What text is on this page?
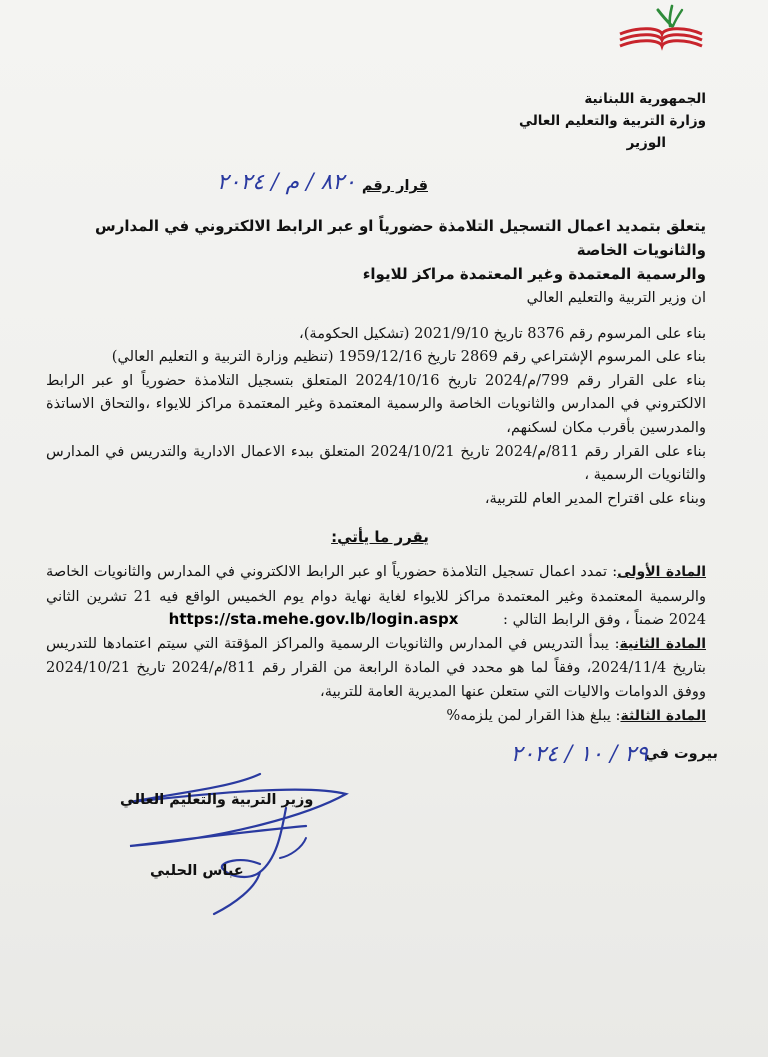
الجمهورية اللبنانية
وزارة التربية والتعليم العالي
الوزير
قرار رقم
٨٢٠ / م / ٢٠٢٤
يتعلق بتمديد اعمال التسجيل التلامذة حضورياً او عبر الرابط الالكتروني في المدارس والثانويات الخاصة
والرسمية المعتمدة وغير المعتمدة مراكز للايواء

ان وزير التربية والتعليم العالي

بناء على المرسوم رقم 8376 تاريخ 2021/9/10 (تشكيل الحكومة)،

بناء على المرسوم الإشتراعي رقم 2869 تاريخ 1959/12/16 (تنظيم وزارة التربية و التعليم العالي)

بناء على القرار رقم 799/م/2024 تاريخ 2024/10/16 المتعلق بتسجيل التلامذة حضورياً او عبر الرابط الالكتروني في المدارس والثانويات الخاصة والرسمية المعتمدة وغير المعتمدة مراكز للايواء ،والتحاق الاساتذة والمدرسين بأقرب مكان لسكنهم،

بناء على القرار رقم 811/م/2024 تاريخ 2024/10/21 المتعلق ببدء الاعمال الادارية والتدريس في المدارس والثانويات الرسمية ،

وبناء على اقتراح المدير العام للتربية،

يقرر ما يأتي:

المادة الأولى: تمدد اعمال تسجيل التلامذة حضورياً او عبر الرابط الالكتروني في المدارس والثانويات الخاصة والرسمية المعتمدة وغير المعتمدة مراكز للايواء لغاية نهاية دوام يوم الخميس الواقع فيه 21 تشرين الثاني 2024 ضمناً ، وفق الرابط التالي : https://sta.mehe.gov.lb/login.aspx

المادة الثانية: يبدأ التدريس في المدارس والثانويات الرسمية والمراكز المؤقتة التي سيتم اعتمادها للتدريس بتاريخ 2024/11/4، وفقاً لما هو محدد في المادة الرابعة من القرار رقم 811/م/2024 تاريخ 2024/10/21 ووفق الدوامات والاليات التي ستعلن عنها المديرية العامة للتربية،

المادة الثالثة: يبلغ هذا القرار لمن يلزمه%

بيروت في
٢٩ / ١٠ / ٢٠٢٤
وزير التربية والتعليم العالي
عباس الحلبي
